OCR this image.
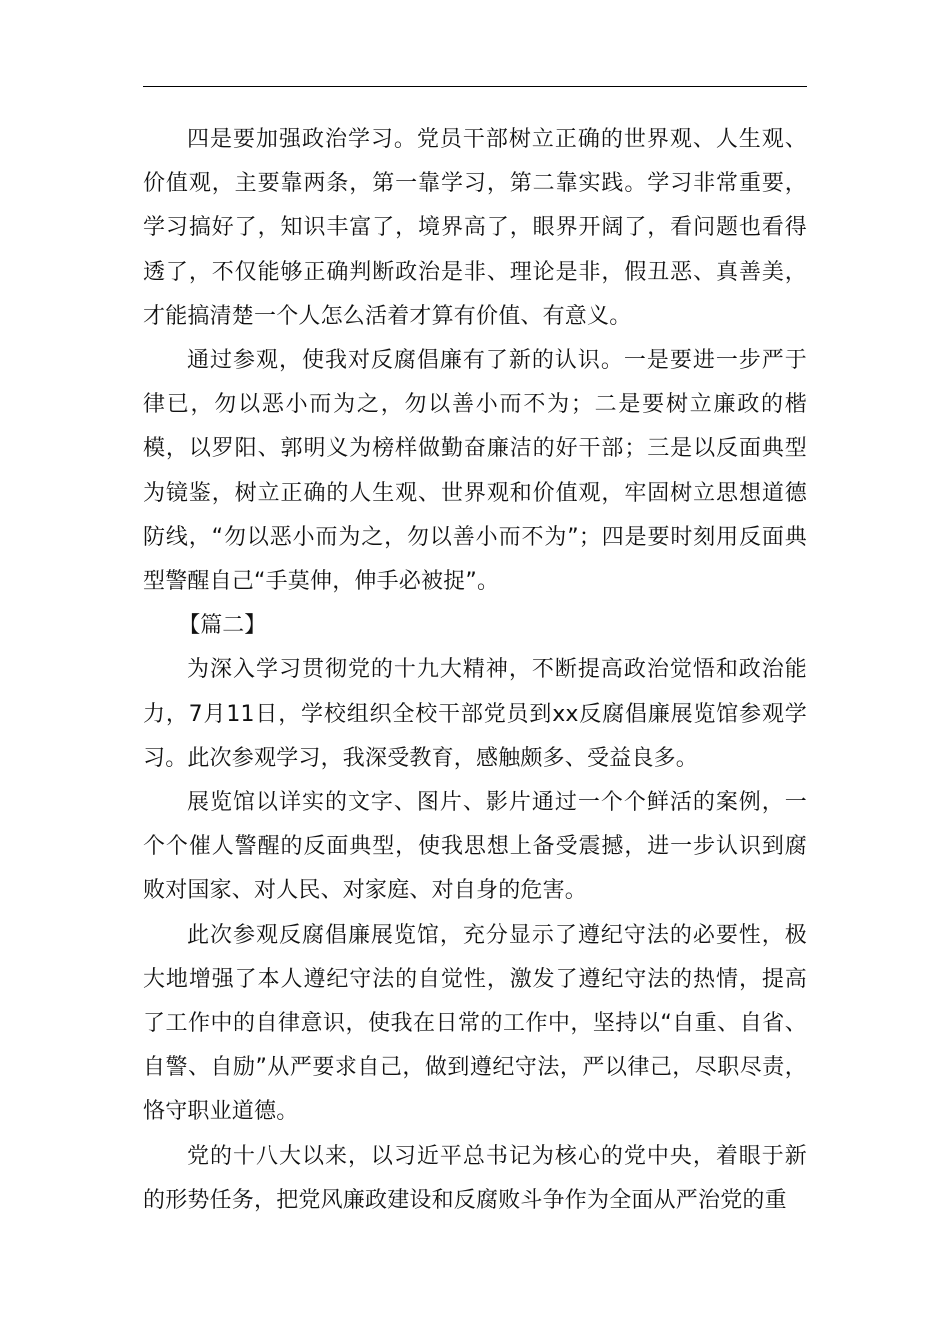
四是要加强政治学习。党员干部树立正确的世界观、人生观、价值观，主要靠两条，第一靠学习，第二靠实践。学习非常重要，学习搞好了，知识丰富了，境界高了，眼界开阔了，看问题也看得透了，不仅能够正确判断政治是非、理论是非，假丑恶、真善美，才能搞清楚一个人怎么活着才算有价值、有意义。

通过参观，使我对反腐倡廉有了新的认识。一是要进一步严于律已，勿以恶小而为之，勿以善小而不为；二是要树立廉政的楷模，以罗阳、郭明义为榜样做勤奋廉洁的好干部；三是以反面典型为镜鉴，树立正确的人生观、世界观和价值观，牢固树立思想道德防线，“勿以恶小而为之，勿以善小而不为”；四是要时刻用反面典型警醒自己“手莫伸，伸手必被捉”。

【篇二】

为深入学习贯彻党的十九大精神，不断提高政治觉悟和政治能力，7月11日，学校组织全校干部党员到xx反腐倡廉展览馆参观学习。此次参观学习，我深受教育，感触颇多、受益良多。

展览馆以详实的文字、图片、影片通过一个个鲜活的案例，一个个催人警醒的反面典型，使我思想上备受震撼，进一步认识到腐败对国家、对人民、对家庭、对自身的危害。

此次参观反腐倡廉展览馆，充分显示了遵纪守法的必要性，极大地增强了本人遵纪守法的自觉性，激发了遵纪守法的热情，提高了工作中的自律意识，使我在日常的工作中，坚持以“自重、自省、自警、自励”从严要求自己，做到遵纪守法，严以律己，尽职尽责，恪守职业道德。

党的十八大以来，以习近平总书记为核心的党中央，着眼于新的形势任务，把党风廉政建设和反腐败斗争作为全面从严治党的重
